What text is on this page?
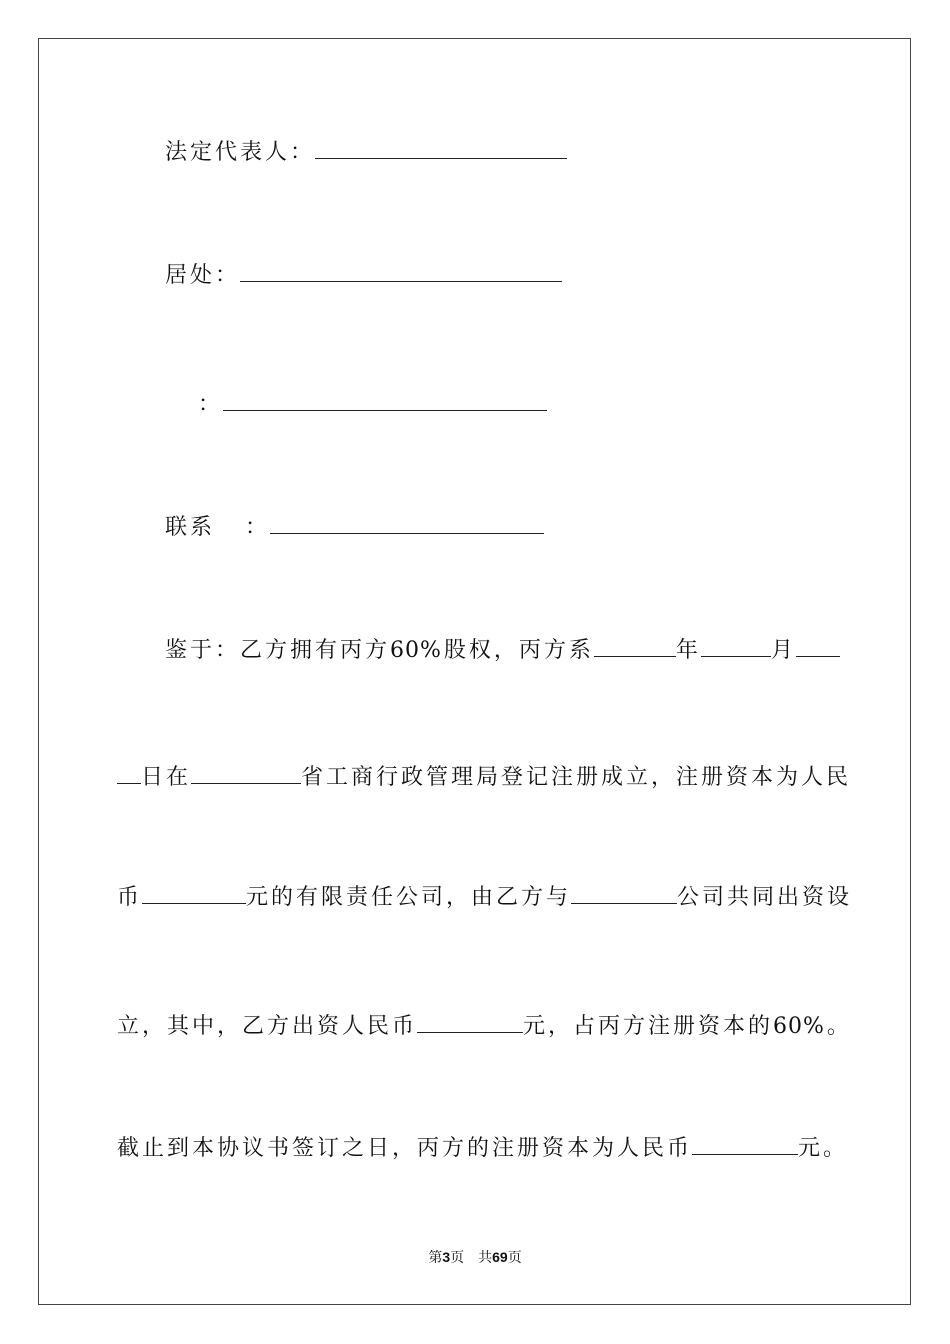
法定代表人：
居处：
：
联系 ：
鉴于：乙方拥有丙方60%股权，丙方系	年	月
日在	省工商行政管理局登记注册成立，注册资本为人民
币	元的有限责任公司，由乙方与	公司共同出资设
立，其中，乙方出资人民币	元，占丙方注册资本的60%。
截止到本协议书签订之日，丙方的注册资本为人民币	元。
第3页　共69页
